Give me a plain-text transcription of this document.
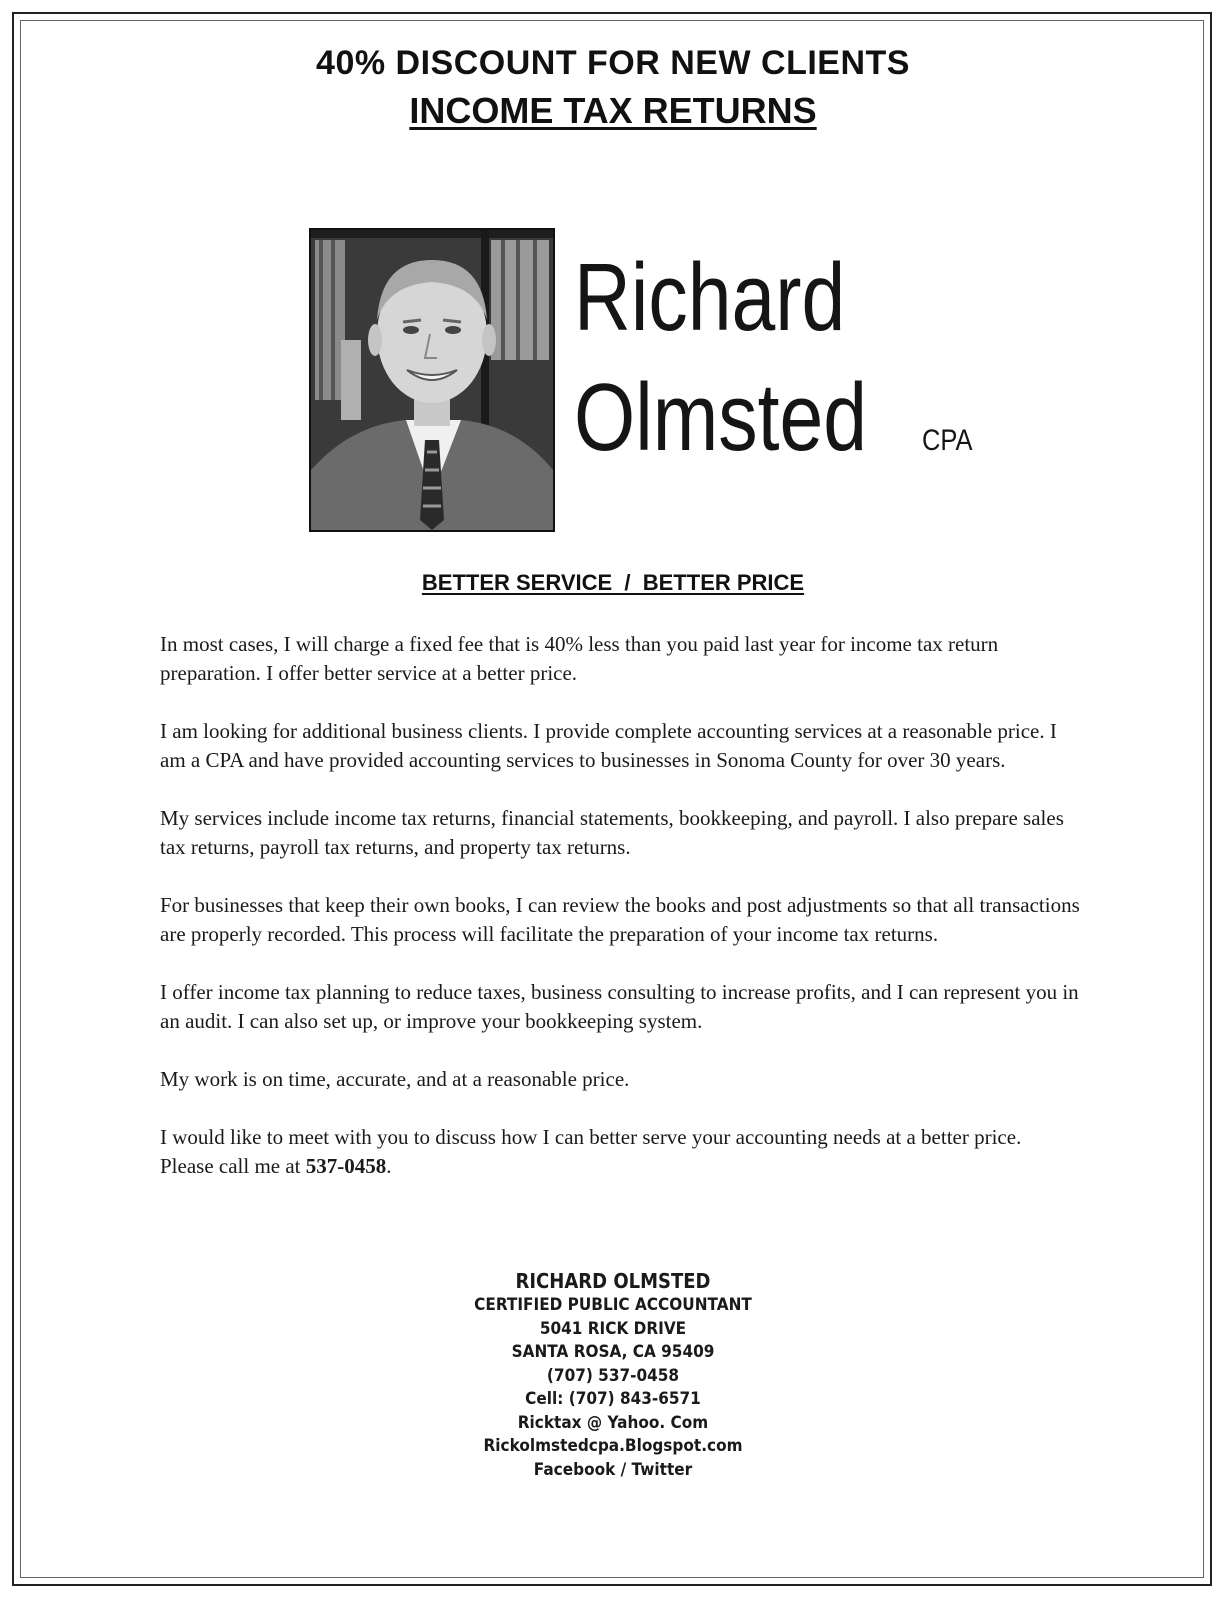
40% DISCOUNT FOR NEW CLIENTS
INCOME TAX RETURNS
Richard
Olmsted CPA
BETTER SERVICE  /  BETTER PRICE

In most cases, I will charge a fixed fee that is 40% less than you paid last year for income tax return preparation. I offer better service at a better price.

I am looking for additional business clients. I provide complete accounting services at a reasonable price. I am a CPA and have provided accounting services to businesses in Sonoma County for over 30 years.

My services include income tax returns, financial statements, bookkeeping, and payroll. I also prepare sales tax returns, payroll tax returns, and property tax returns.

For businesses that keep their own books, I can review the books and post adjustments so that all transactions are properly recorded. This process will facilitate the preparation of your income tax returns.

I offer income tax planning to reduce taxes, business consulting to increase profits, and I can represent you in an audit. I can also set up, or improve your bookkeeping system.

My work is on time, accurate, and at a reasonable price.

I would like to meet with you to discuss how I can better serve your accounting needs at a better price. Please call me at 537-0458.

RICHARD OLMSTED
CERTIFIED PUBLIC ACCOUNTANT
5041 RICK DRIVE
SANTA ROSA, CA 95409
(707) 537-0458
Cell: (707) 843-6571
Ricktax @ Yahoo. Com
Rickolmstedcpa.Blogspot.com
Facebook / Twitter
